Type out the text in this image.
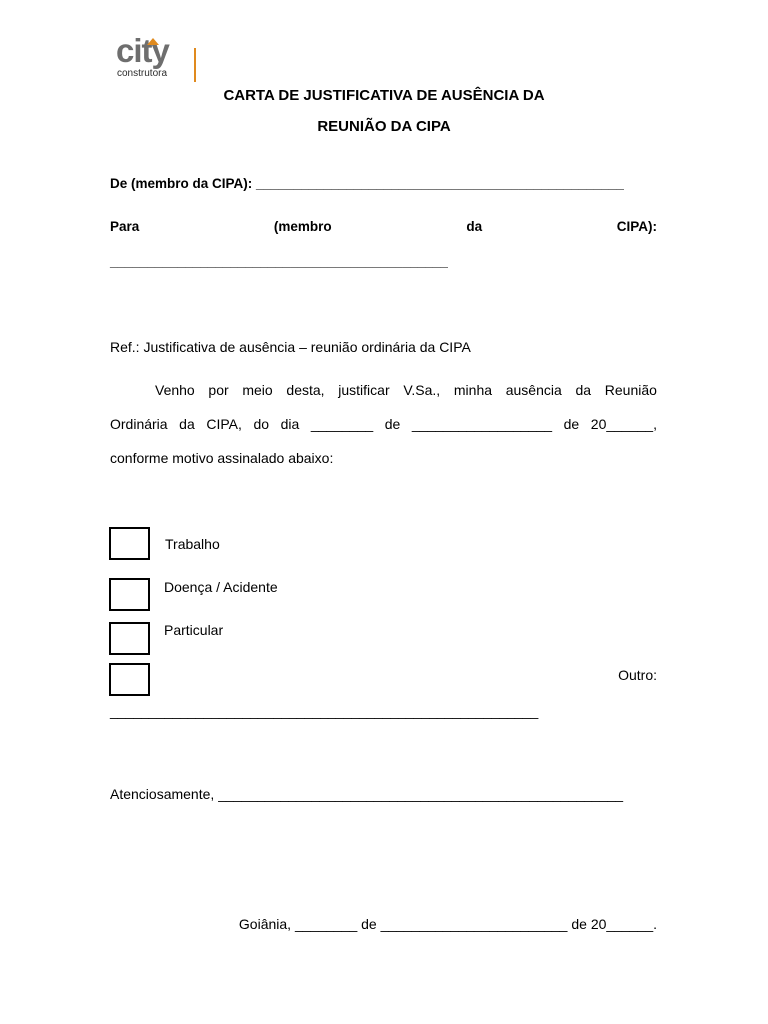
city
construtora
CARTA DE JUSTIFICATIVA DE AUSÊNCIA DA
REUNIÃO DA CIPA
De (membro da CIPA): _________________________________________________
Para	(membro	da	CIPA):
_____________________________________________
Ref.: Justificativa de ausência – reunião ordinária da CIPA
Venho por meio desta, justificar V.Sa., minha ausência da Reunião
Ordinária da CIPA, do dia ________ de __________________ de 20______,
conforme motivo assinalado abaixo:
Trabalho
Doença / Acidente
Particular
Outro:
_______________________________________________________
Atenciosamente, ____________________________________________________
Goiânia, ________ de ________________________ de 20______.
